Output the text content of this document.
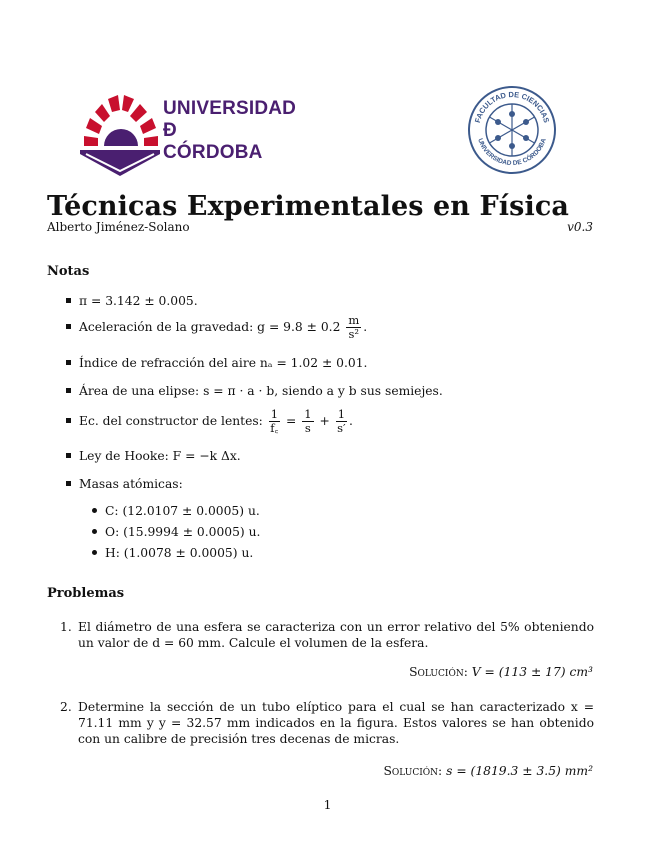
UNIVERSIDAD
Ð
CÓRDOBA
FACULTAD DE CIENCIAS
UNIVERSIDAD DE CÓRDOBA
Técnicas Experimentales en Física
Alberto Jiménez-Solano	v0.3
Notas
π = 3.142 ± 0.005.
Aceleración de la gravedad: $g = 9.8 \pm 0.2 \frac{m}{\text{s²}}$ .
Índice de refracción del aire nₐ = 1.02 ± 0.01.
Área de una elipse: s = π · a · b, siendo a y b sus semiejes.
Ec. del constructor de lentes: $\frac{1}{f꜀} = \frac{1}{s} + \frac{1}{s'}$ .
Ley de Hooke: F = −k Δx.
Masas atómicas:
C: (12.0107 ± 0.0005) u.
O: (15.9994 ± 0.0005) u.
H: (1.0078 ± 0.0005) u.
Problemas
1. El diámetro de una esfera se caracteriza con un error relativo del 5% obteniendo un valor de d = 60 mm. Calcule el volumen de la esfera.
Solución: V = (113 ± 17) cm³
2. Determine la sección de un tubo elíptico para el cual se han caracterizado x = 71.11 mm y y = 32.57 mm indicados en la figura. Estos valores se han obtenido con un calibre de precisión tres decenas de micras.
Solución: s = (1819.3 ± 3.5) mm²
1
